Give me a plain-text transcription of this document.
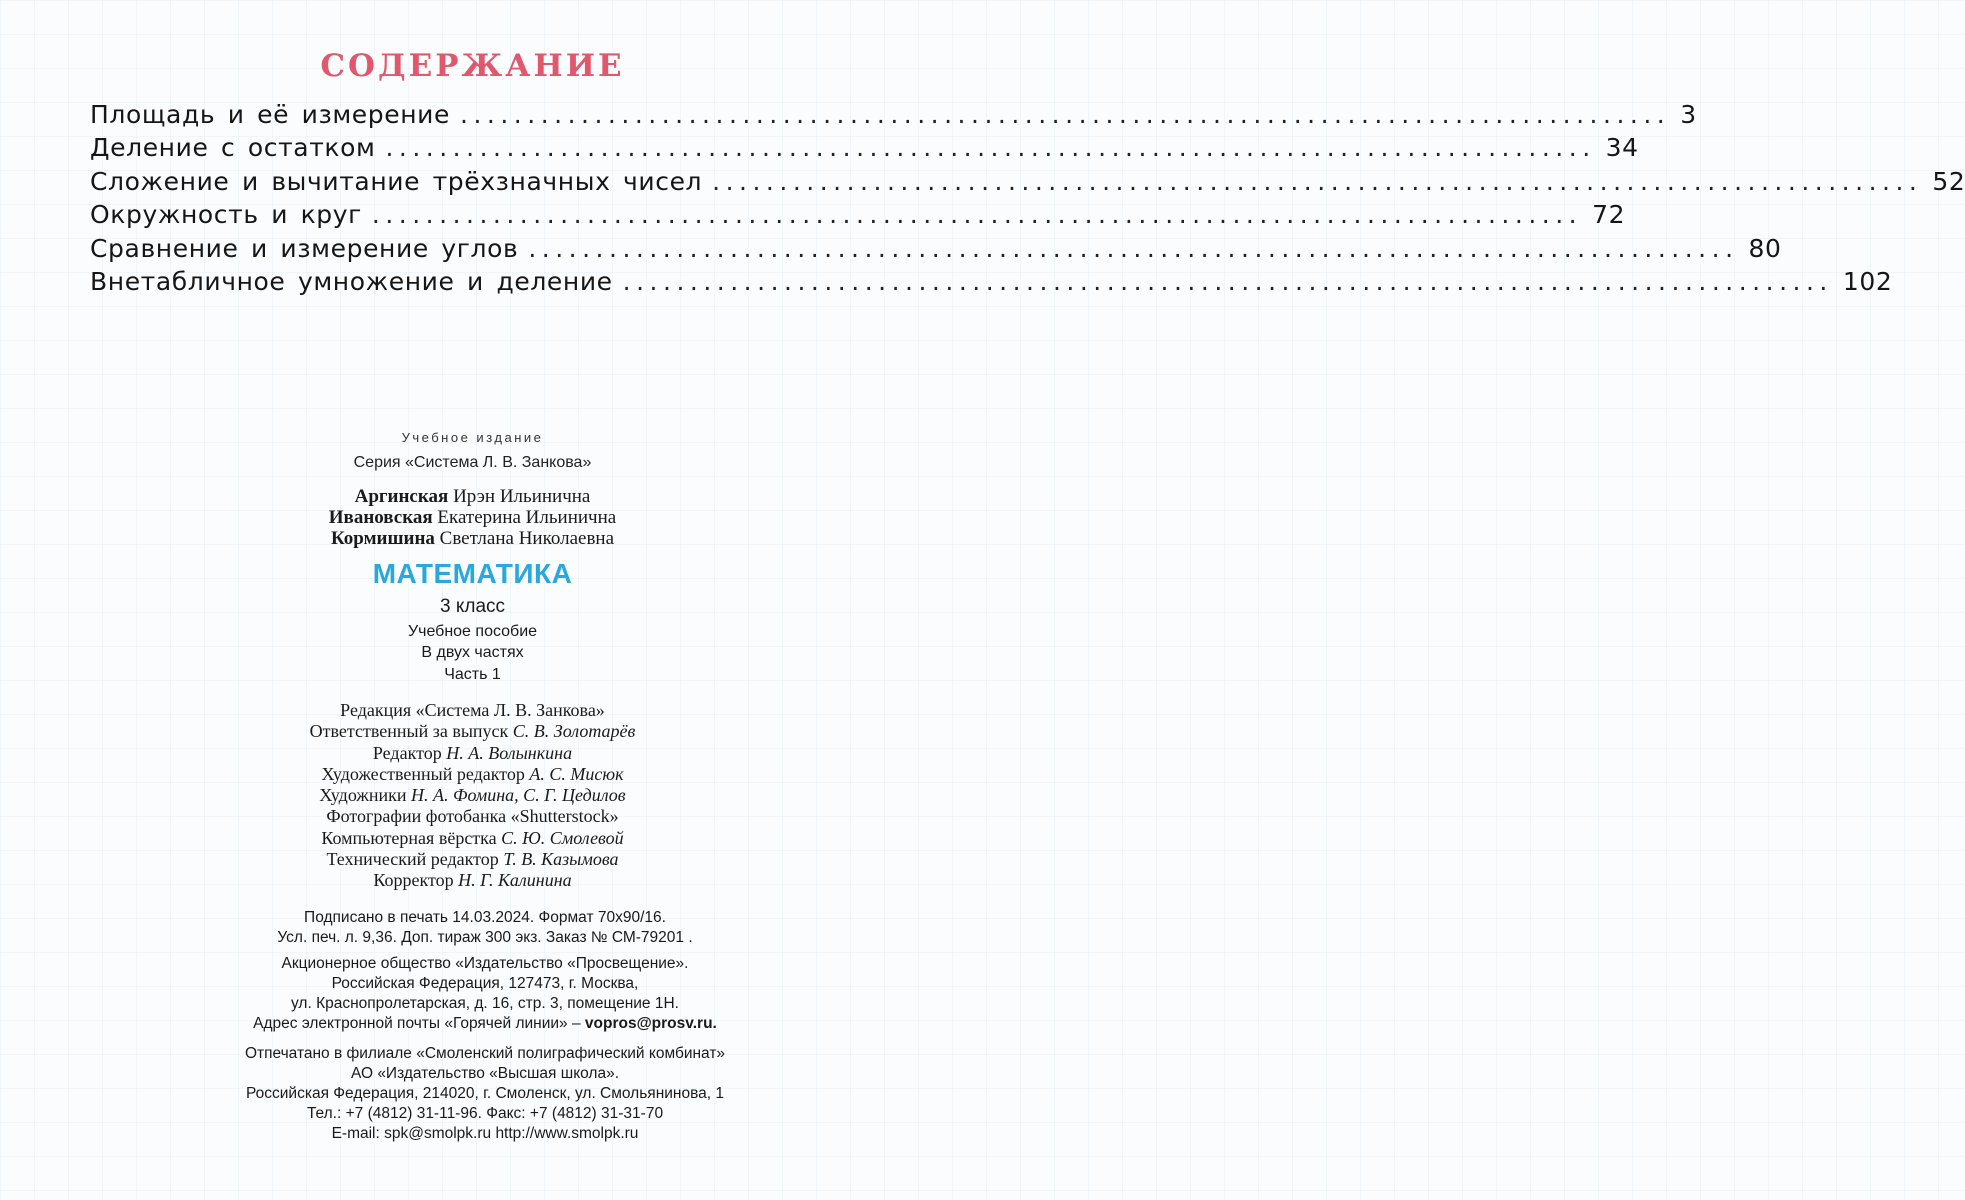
СОДЕРЖАНИЕ
Площадь и её измерение .......................................................................................... 3
Деление с остатком .......................................................................................... 34
Сложение и вычитание трёхзначных чисел .......................................................................................... 52
Окружность и круг .......................................................................................... 72
Сравнение и измерение углов .......................................................................................... 80
Внетабличное умножение и деление .......................................................................................... 102
Учебное издание
Серия «Система Л. В. Занкова»
Аргинская Ирэн Ильинична
Ивановская Екатерина Ильинична
Кормишина Светлана Николаевна
МАТЕМАТИКА
3 класс
Учебное пособие
В двух частях
Часть 1
Редакция «Система Л. В. Занкова»
Ответственный за выпуск С. В. Золотарёв
Редактор Н. А. Волынкина
Художественный редактор А. С. Мисюк
Художники Н. А. Фомина, С. Г. Цедилов
Фотографии фотобанка «Shutterstock»
Компьютерная вёрстка С. Ю. Смолевой
Технический редактор Т. В. Казымова
Корректор Н. Г. Калинина
Подписано в печать 14.03.2024. Формат 70x90/16.
Усл. печ. л. 9,36. Доп. тираж 300 экз. Заказ № СМ-79201 .
Акционерное общество «Издательство «Просвещение».
Российская Федерация, 127473, г. Москва,
ул. Краснопролетарская, д. 16, стр. 3, помещение 1Н.
Адрес электронной почты «Горячей линии» – vopros@prosv.ru.
Отпечатано в филиале «Смоленский полиграфический комбинат»
АО «Издательство «Высшая школа».
Российская Федерация, 214020, г. Смоленск, ул. Смольянинова, 1
Тел.: +7 (4812) 31-11-96. Факс: +7 (4812) 31-31-70
E-mail: spk@smolpk.ru http://www.smolpk.ru
